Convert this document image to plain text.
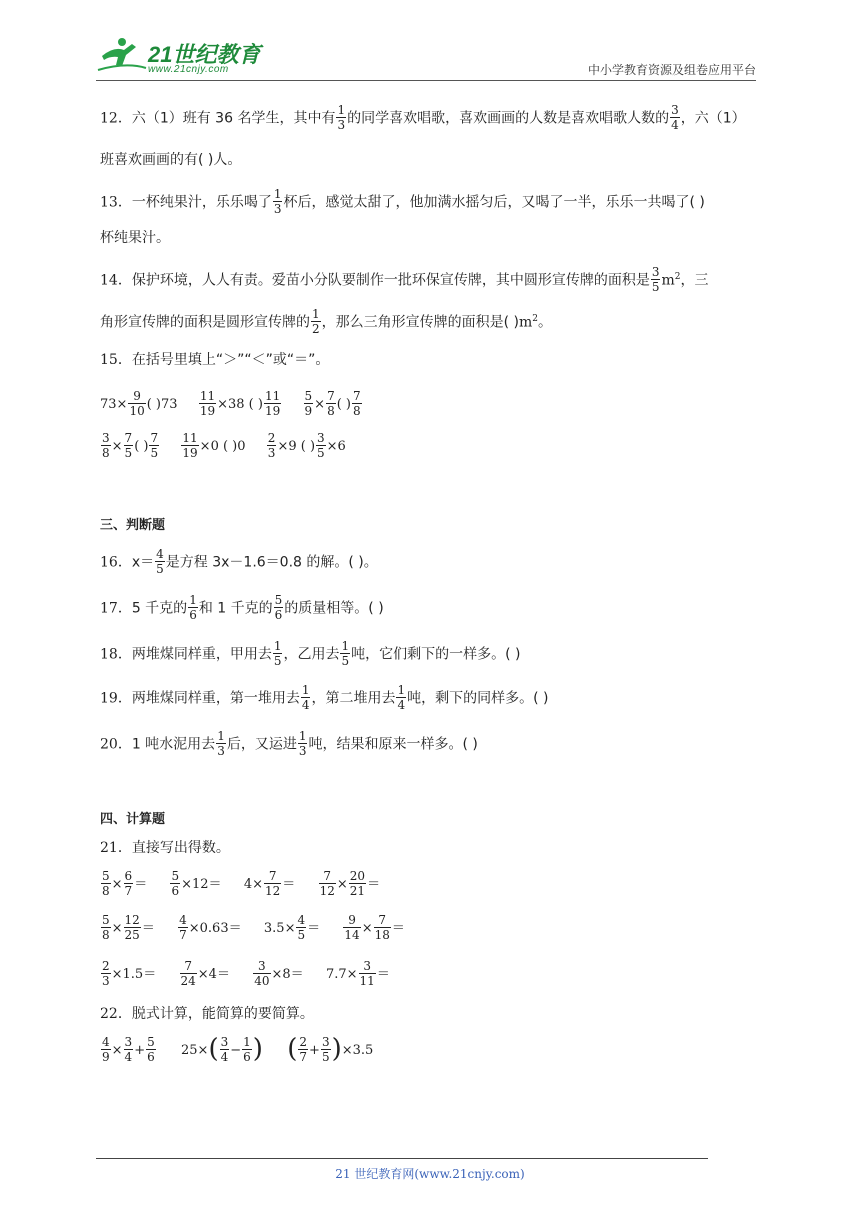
21世纪教育
www.21cnjy.com	中小学教育资源及组卷应用平台
12．六（1）班有 36 名学生，其中有 $\frac{1}{3}$ 的同学喜欢唱歌，喜欢画画的人数是喜欢唱歌人数的 $\frac{3}{4}$ ，六（1）
班喜欢画画的有( )人。
13．一杯纯果汁，乐乐喝了 $\frac{1}{3}$ 杯后，感觉太甜了，他加满水摇匀后，又喝了一半，乐乐一共喝了( )
杯纯果汁。
14．保护环境，人人有责。爱苗小分队要制作一批环保宣传牌，其中圆形宣传牌的面积是 $\frac{3}{5} m^2$，三
角形宣传牌的面积是圆形宣传牌的 $\frac{1}{2}$ ，那么三角形宣传牌的面积是( )$m^2$。
15．在括号里填上“＞”“＜”或“＝”。
$73\times \frac{9}{10}$ ( )$73 \frac{11}{19} \times 38$ ( ) $\frac{11}{19}$
$\frac{5}{9} \times \frac{7}{8}$ ( ) $\frac{7}{8}$
$\frac{3}{8} \times \frac{7}{5}$ ( ) $\frac{7}{5}$
$\frac{11}{19} \times 0$ ( )$0 \frac{2}{3} \times 9$ ( ) $\frac{3}{5} \times 6$
三、判断题
16．$x= \frac{4}{5}$ 是方程 3x－1.6＝0.8 的解。( )。
17．5 千克的 $\frac{1}{6}$ 和 1 千克的 $\frac{5}{6}$ 的质量相等。( )
18．两堆煤同样重，甲用去 $\frac{1}{5}$ ，乙用去 $\frac{1}{5}$ 吨，它们剩下的一样多。( )
19．两堆煤同样重，第一堆用去 $\frac{1}{4}$ ，第二堆用去 $\frac{1}{4}$ 吨，剩下的同样多。( )
20．1 吨水泥用去 $\frac{1}{3}$ 后，又运进 $\frac{1}{3}$ 吨，结果和原来一样多。( )
四、计算题
21．直接写出得数。
$\frac{5}{8} \times \frac{6}{7} = \frac{5}{6} \times 12= 4\times \frac{7}{12} = \frac{7}{12} \times \frac{20}{21}$ ＝
$\frac{5}{8} \times \frac{12}{25} = \frac{4}{7} \times 0.63= 3.5\times \frac{4}{5} = \frac{9}{14} \times \frac{7}{18}$ ＝
$\frac{2}{3} \times 1.5= \frac{7}{24} \times 4= \frac{3}{40} \times 8= 7.7\times \frac{3}{11}$ ＝
22．脱式计算，能简算的要简算。
$\frac{4}{9} \times \frac{3}{4} + \frac{5}{6} 25\times( \frac{3}{4} - \frac{1}{6}$ ) ( $\frac{2}{7} + \frac{3}{5} )\times 3.5$
21 世纪教育网(www.21cnjy.com)
